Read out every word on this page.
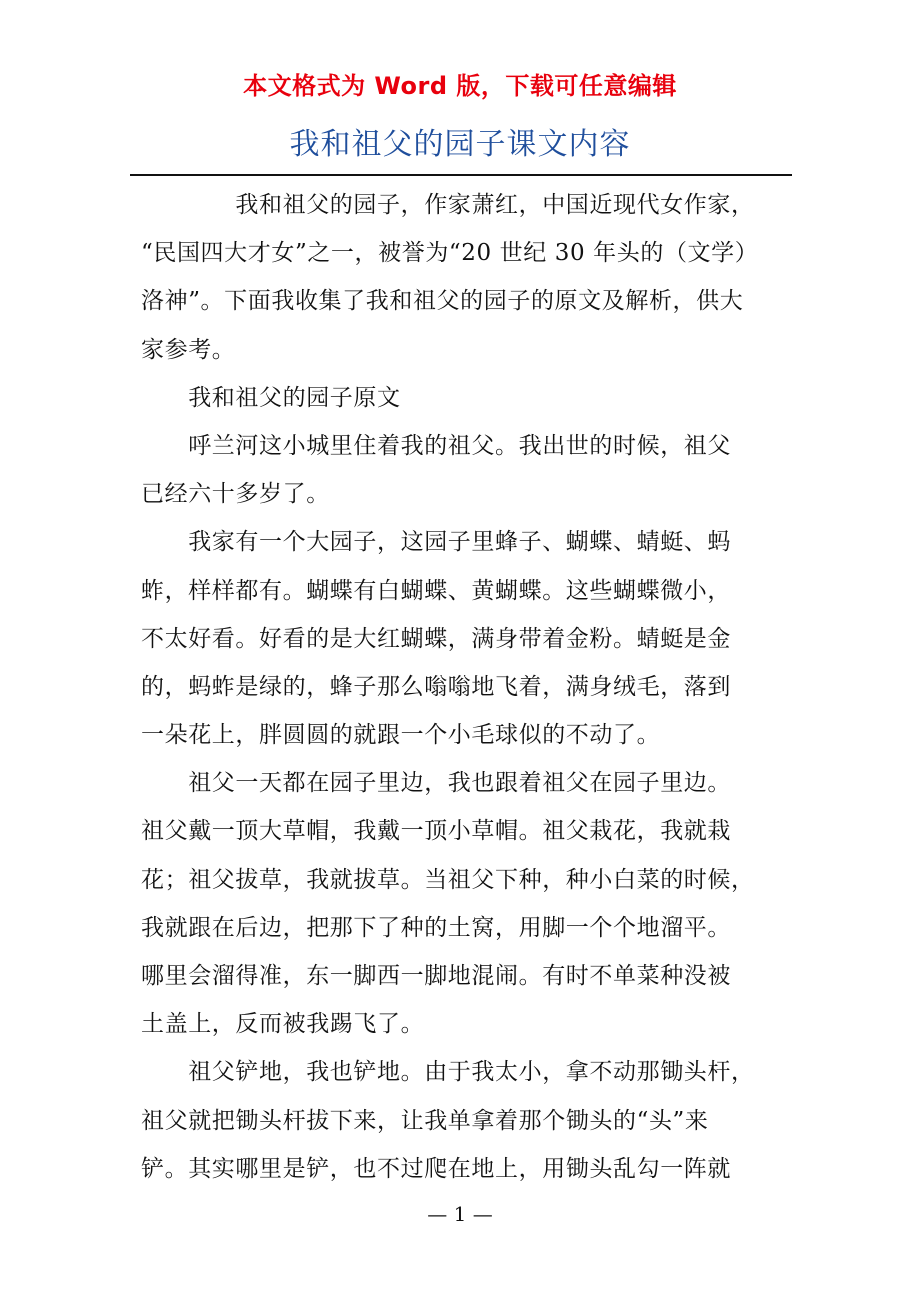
本文格式为 Word 版，下载可任意编辑
我和祖父的园子课文内容
　　　　我和祖父的园子，作家萧红，中国近现代女作家，
“民国四大才女”之一，被誉为“20 世纪 30 年头的（文学）
洛神”。下面我收集了我和祖父的园子的原文及解析，供大
家参考。
　　我和祖父的园子原文
　　呼兰河这小城里住着我的祖父。我出世的时候，祖父
已经六十多岁了。
　　我家有一个大园子，这园子里蜂子、蝴蝶、蜻蜓、蚂
蚱，样样都有。蝴蝶有白蝴蝶、黄蝴蝶。这些蝴蝶微小，
不太好看。好看的是大红蝴蝶，满身带着金粉。蜻蜓是金
的，蚂蚱是绿的，蜂子那么嗡嗡地飞着，满身绒毛，落到
一朵花上，胖圆圆的就跟一个小毛球似的不动了。
　　祖父一天都在园子里边，我也跟着祖父在园子里边。
祖父戴一顶大草帽，我戴一顶小草帽。祖父栽花，我就栽
花；祖父拔草，我就拔草。当祖父下种，种小白菜的时候，
我就跟在后边，把那下了种的土窝，用脚一个个地溜平。
哪里会溜得准，东一脚西一脚地混闹。有时不单菜种没被
土盖上，反而被我踢飞了。
　　祖父铲地，我也铲地。由于我太小，拿不动那锄头杆，
祖父就把锄头杆拔下来，让我单拿着那个锄头的“头”来
铲。其实哪里是铲，也不过爬在地上，用锄头乱勾一阵就
— 1 —
